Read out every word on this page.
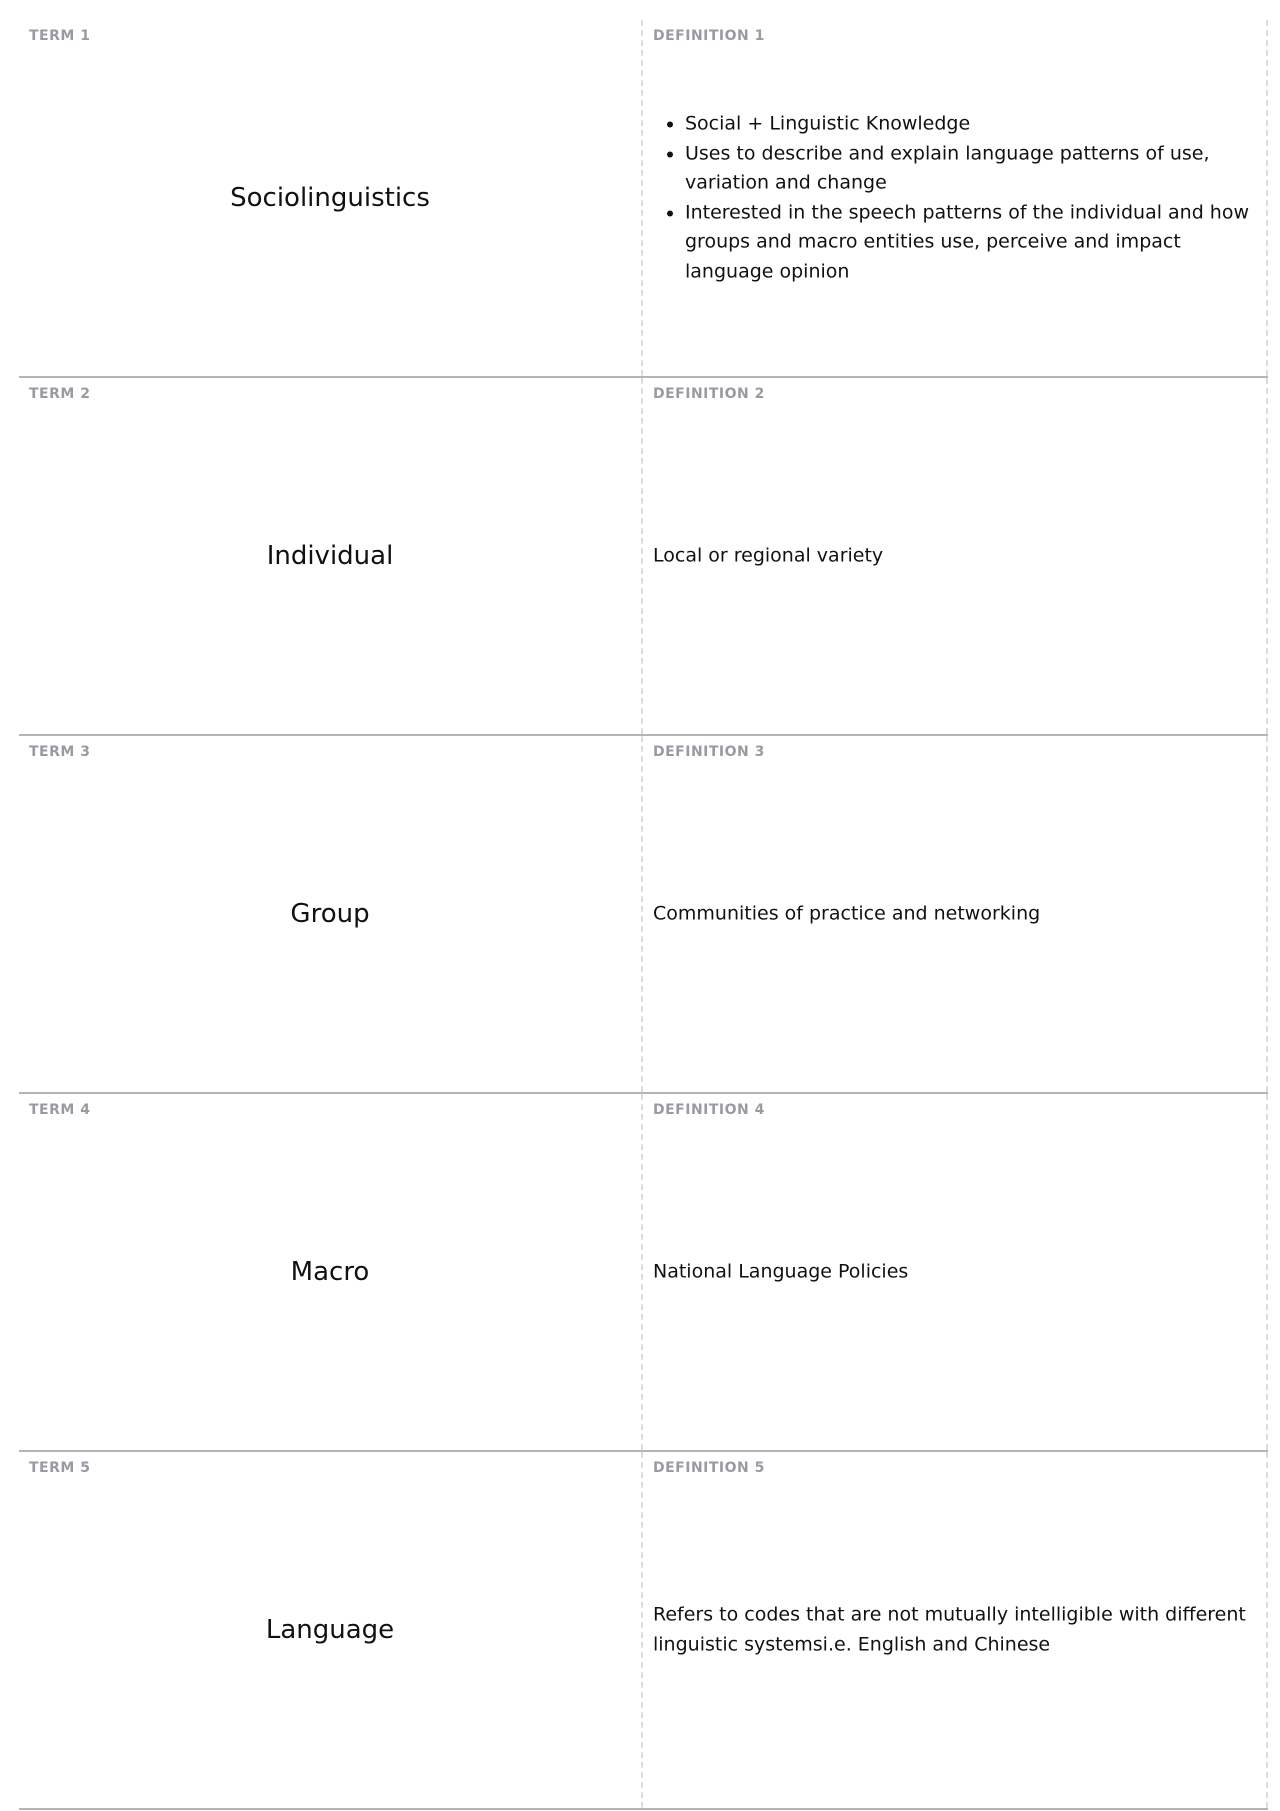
TERM 1
Sociolinguistics
DEFINITION 1
• Social + Linguistic Knowledge
• Uses to describe and explain language patterns of use, variation and change
• Interested in the speech patterns of the individual and how groups and macro entities use, perceive and impact language opinion
TERM 2
Individual
DEFINITION 2
Local or regional variety
TERM 3
Group
DEFINITION 3
Communities of practice and networking
TERM 4
Macro
DEFINITION 4
National Language Policies
TERM 5
Language
DEFINITION 5
Refers to codes that are not mutually intelligible with different linguistic systemsi.e. English and Chinese
